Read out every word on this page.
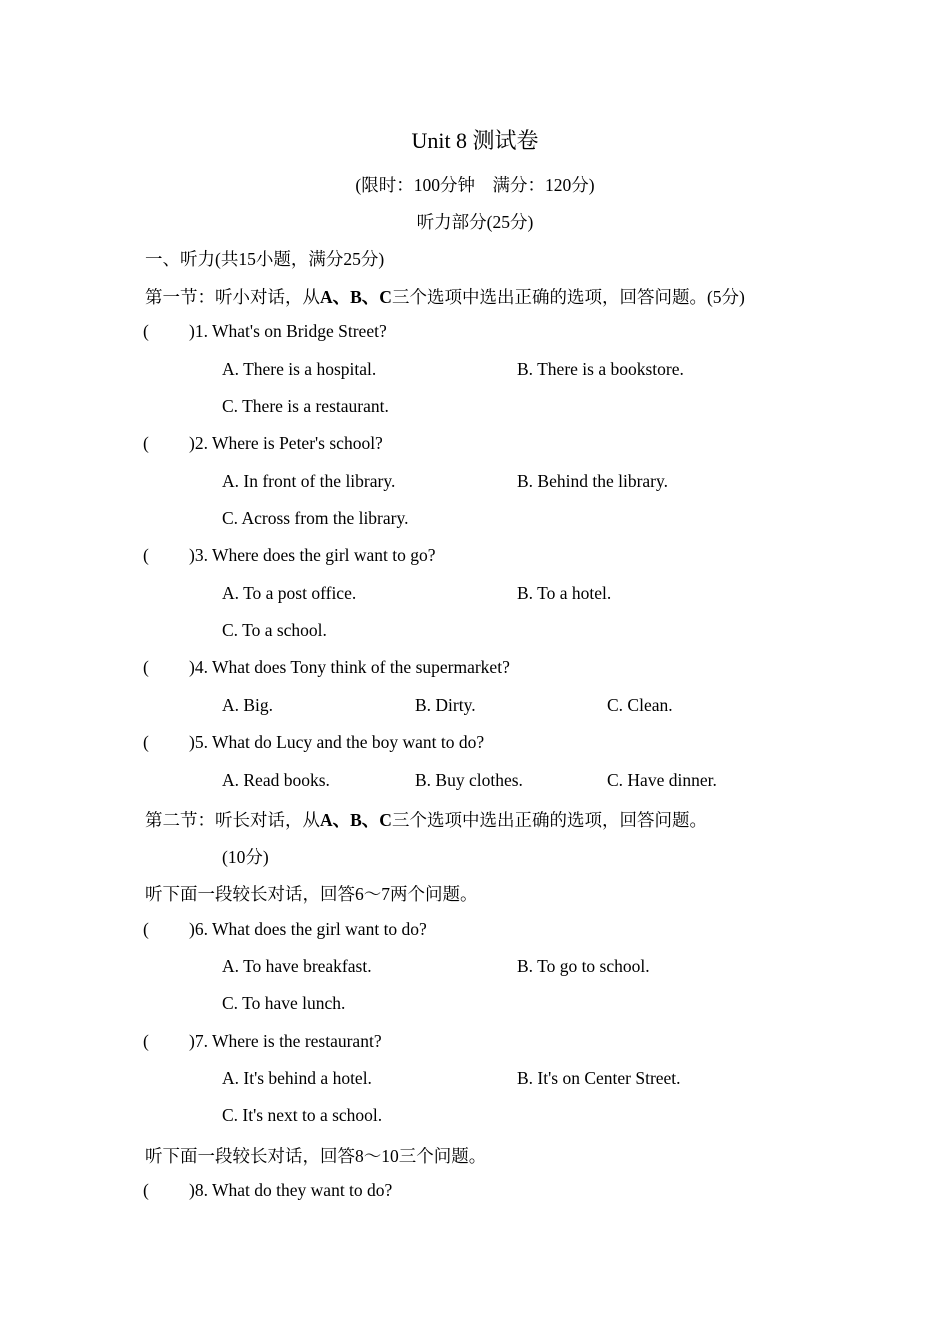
Unit 8 测试卷
(限时：100分钟　满分：120分)
听力部分(25分)
一、听力(共15小题，满分25分)
第一节：听小对话，从A、B、C三个选项中选出正确的选项，回答问题。(5分)
( )1. What's on Bridge Street?
A. There is a hospital.	B. There is a bookstore.
C. There is a restaurant.
( )2. Where is Peter's school?
A. In front of the library.	B. Behind the library.
C. Across from the library.
( )3. Where does the girl want to go?
A. To a post office.	B. To a hotel.
C. To a school.
( )4. What does Tony think of the supermarket?
A. Big.	B. Dirty.	C. Clean.
( )5. What do Lucy and the boy want to do?
A. Read books.	B. Buy clothes.	C. Have dinner.
第二节：听长对话，从A、B、C三个选项中选出正确的选项，回答问题。
(10分)
听下面一段较长对话，回答6～7两个问题。
( )6. What does the girl want to do?
A. To have breakfast.	B. To go to school.
C. To have lunch.
( )7. Where is the restaurant?
A. It's behind a hotel.	B. It's on Center Street.
C. It's next to a school.
听下面一段较长对话，回答8～10三个问题。
( )8. What do they want to do?
